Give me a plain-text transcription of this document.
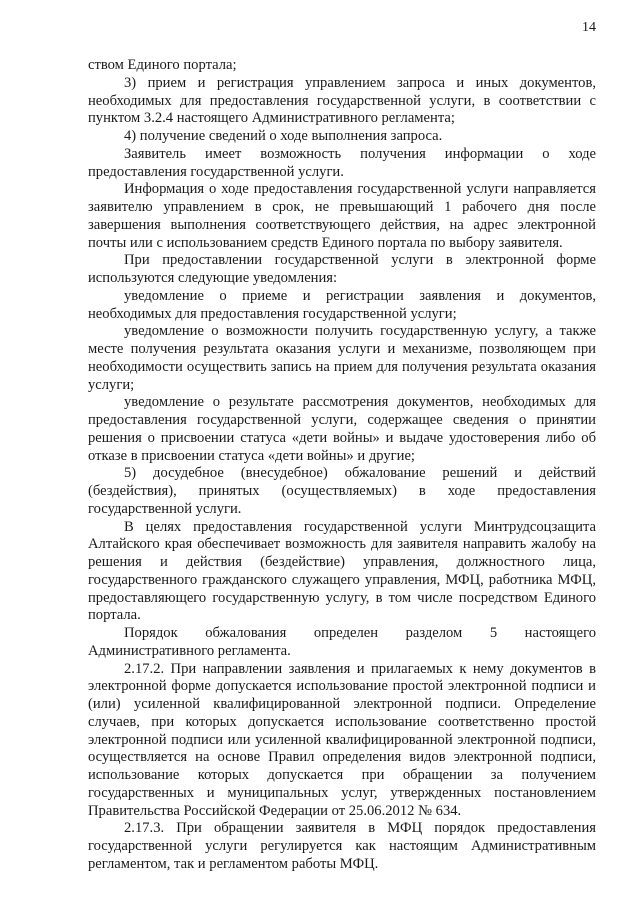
14

ством Единого портала;

3) прием и регистрация управлением запроса и иных документов, необходимых для предоставления государственной услуги, в соответствии с пунктом 3.2.4 настоящего Административного регламента;

4) получение сведений о ходе выполнения запроса.

Заявитель имеет возможность получения информации о ходе предоставления государственной услуги.

Информация о ходе предоставления государственной услуги направляется заявителю управлением в срок, не превышающий 1 рабочего дня после завершения выполнения соответствующего действия, на адрес электронной почты или с использованием средств Единого портала по выбору заявителя.

При предоставлении государственной услуги в электронной форме используются следующие уведомления:

уведомление о приеме и регистрации заявления и документов, необходимых для предоставления государственной услуги;

уведомление о возможности получить государственную услугу, а также месте получения результата оказания услуги и механизме, позволяющем при необходимости осуществить запись на прием для получения результата оказания услуги;

уведомление о результате рассмотрения документов, необходимых для предоставления государственной услуги, содержащее сведения о принятии решения о присвоении статуса «дети войны» и выдаче удостоверения либо об отказе в присвоении статуса «дети войны» и другие;

5) досудебное (внесудебное) обжалование решений и действий (бездействия), принятых (осуществляемых) в ходе предоставления государственной услуги.

В целях предоставления государственной услуги Минтрудсоцзащита Алтайского края обеспечивает возможность для заявителя направить жалобу на решения и действия (бездействие) управления, должностного лица, государственного гражданского служащего управления, МФЦ, работника МФЦ, предоставляющего государственную услугу, в том числе посредством Единого портала.

Порядок обжалования определен разделом 5 настоящего Административного регламента.

2.17.2. При направлении заявления и прилагаемых к нему документов в электронной форме допускается использование простой электронной подписи и (или) усиленной квалифицированной электронной подписи. Определение случаев, при которых допускается использование соответственно простой электронной подписи или усиленной квалифицированной электронной подписи, осуществляется на основе Правил определения видов электронной подписи, использование которых допускается при обращении за получением государственных и муниципальных услуг, утвержденных постановлением Правительства Российской Федерации от 25.06.2012 № 634.

2.17.3. При обращении заявителя в МФЦ порядок предоставления государственной услуги регулируется как настоящим Административным регламентом, так и регламентом работы МФЦ.
